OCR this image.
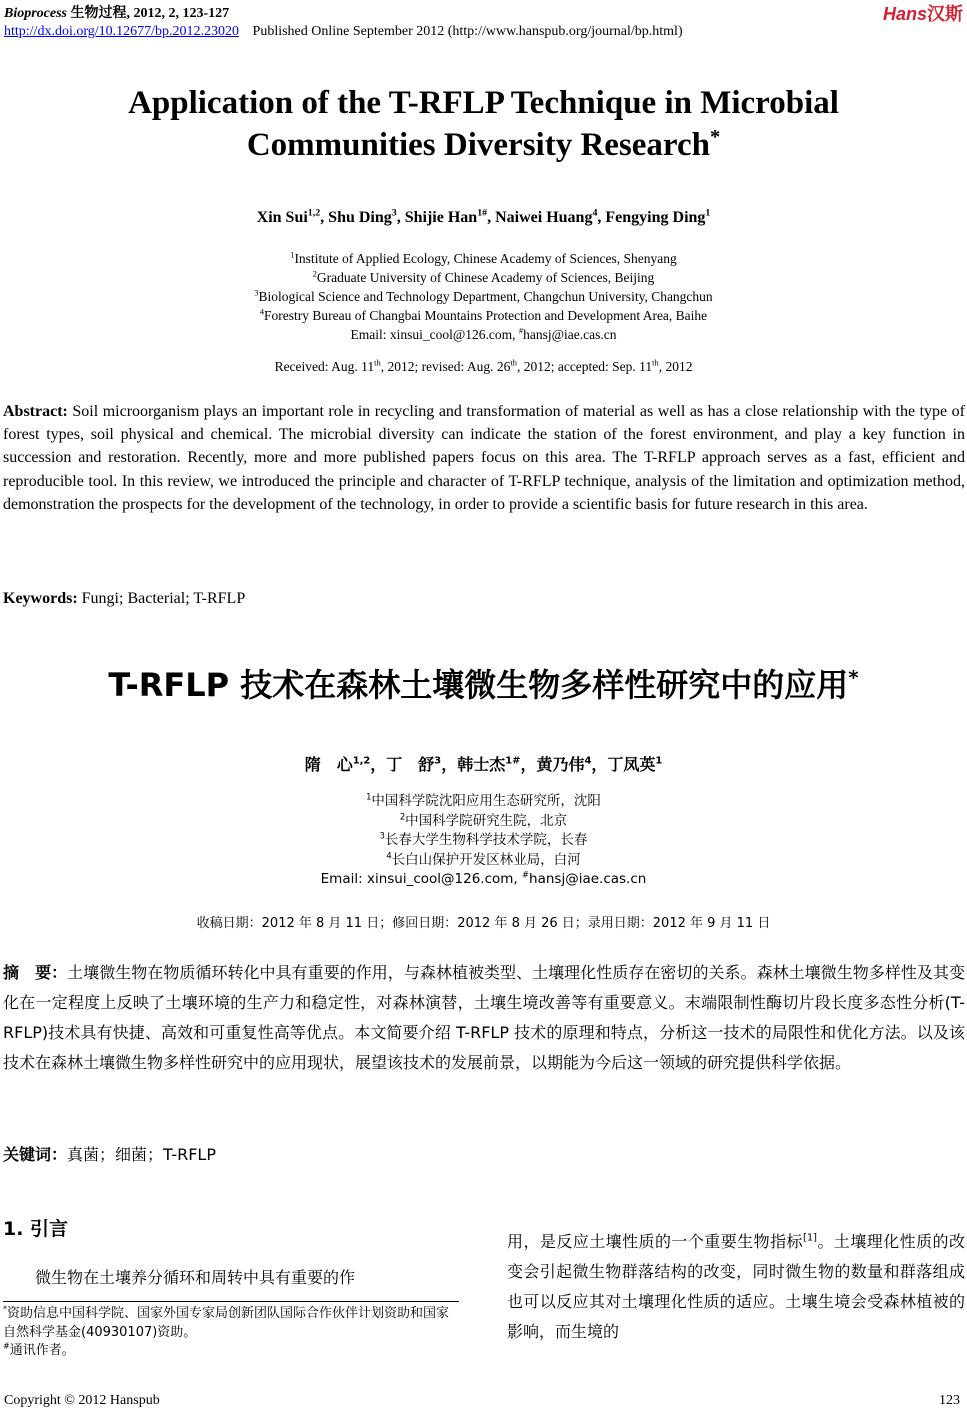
Bioprocess 生物过程, 2012, 2, 123-127	Hans汉斯
http://dx.doi.org/10.12677/bp.2012.23020 Published Online September 2012 (http://www.hanspub.org/journal/bp.html)
Application of the T-RFLP Technique in Microbial
Communities Diversity Research*
Xin Sui$^{1,2}$, Shu Ding$^3$, Shijie Han$^{1\#}$, Naiwei Huang$^4$, Fengying Ding$^1$
$^1$Institute of Applied Ecology, Chinese Academy of Sciences, Shenyang
$^2$Graduate University of Chinese Academy of Sciences, Beijing
$^3$Biological Science and Technology Department, Changchun University, Changchun
$^4$Forestry Bureau of Changbai Mountains Protection and Development Area, Baihe
Email: xinsui_cool@126.com, #hansj@iae.cas.cn
Received: Aug. 11th, 2012; revised: Aug. 26th, 2012; accepted: Sep. 11th, 2012
Abstract: Soil microorganism plays an important role in recycling and transformation of material as well as has a close relationship with the type of forest types, soil physical and chemical. The microbial diversity can indicate the station of the forest environment, and play a key function in succession and restoration. Recently, more and more published papers focus on this area. The T-RFLP approach serves as a fast, efficient and reproducible tool. In this review, we introduced the principle and character of T-RFLP technique, analysis of the limitation and optimization method, demonstration the prospects for the development of the technology, in order to provide a scientific basis for future research in this area.
Keywords: Fungi; Bacterial; T-RFLP
T-RFLP 技术在森林土壤微生物多样性研究中的应用*
隋　心$^{1,2}$，丁　舒$^3$，韩士杰$^{1\#}$，黄乃伟$^4$，丁凤英$^1$
$^1$中国科学院沈阳应用生态研究所，沈阳
$^2$中国科学院研究生院，北京
$^3$长春大学生物科学技术学院，长春
$^4$长白山保护开发区林业局，白河
Email: xinsui_cool@126.com, #hansj@iae.cas.cn
收稿日期：2012 年 8 月 11 日；修回日期：2012 年 8 月 26 日；录用日期：2012 年 9 月 11 日
摘　要：土壤微生物在物质循环转化中具有重要的作用，与森林植被类型、土壤理化性质存在密切的关系。森林土壤微生物多样性及其变化在一定程度上反映了土壤环境的生产力和稳定性，对森林演替，土壤生境改善等有重要意义。末端限制性酶切片段长度多态性分析(T-RFLP)技术具有快捷、高效和可重复性高等优点。本文简要介绍 T-RFLP 技术的原理和特点，分析这一技术的局限性和优化方法。以及该技术在森林土壤微生物多样性研究中的应用现状，展望该技术的发展前景，以期能为今后这一领域的研究提供科学依据。
关键词：真菌；细菌；T-RFLP
1. 引言
微生物在土壤养分循环和周转中具有重要的作
*资助信息中国科学院、国家外国专家局创新团队国际合作伙伴计划资助和国家自然科学基金(40930107)资助。
#通讯作者。
用，是反应土壤性质的一个重要生物指标[1]。土壤理化性质的改变会引起微生物群落结构的改变，同时微生物的数量和群落组成也可以反应其对土壤理化性质的适应。土壤生境会受森林植被的影响，而生境的
Copyright © 2012 Hanspub	123
